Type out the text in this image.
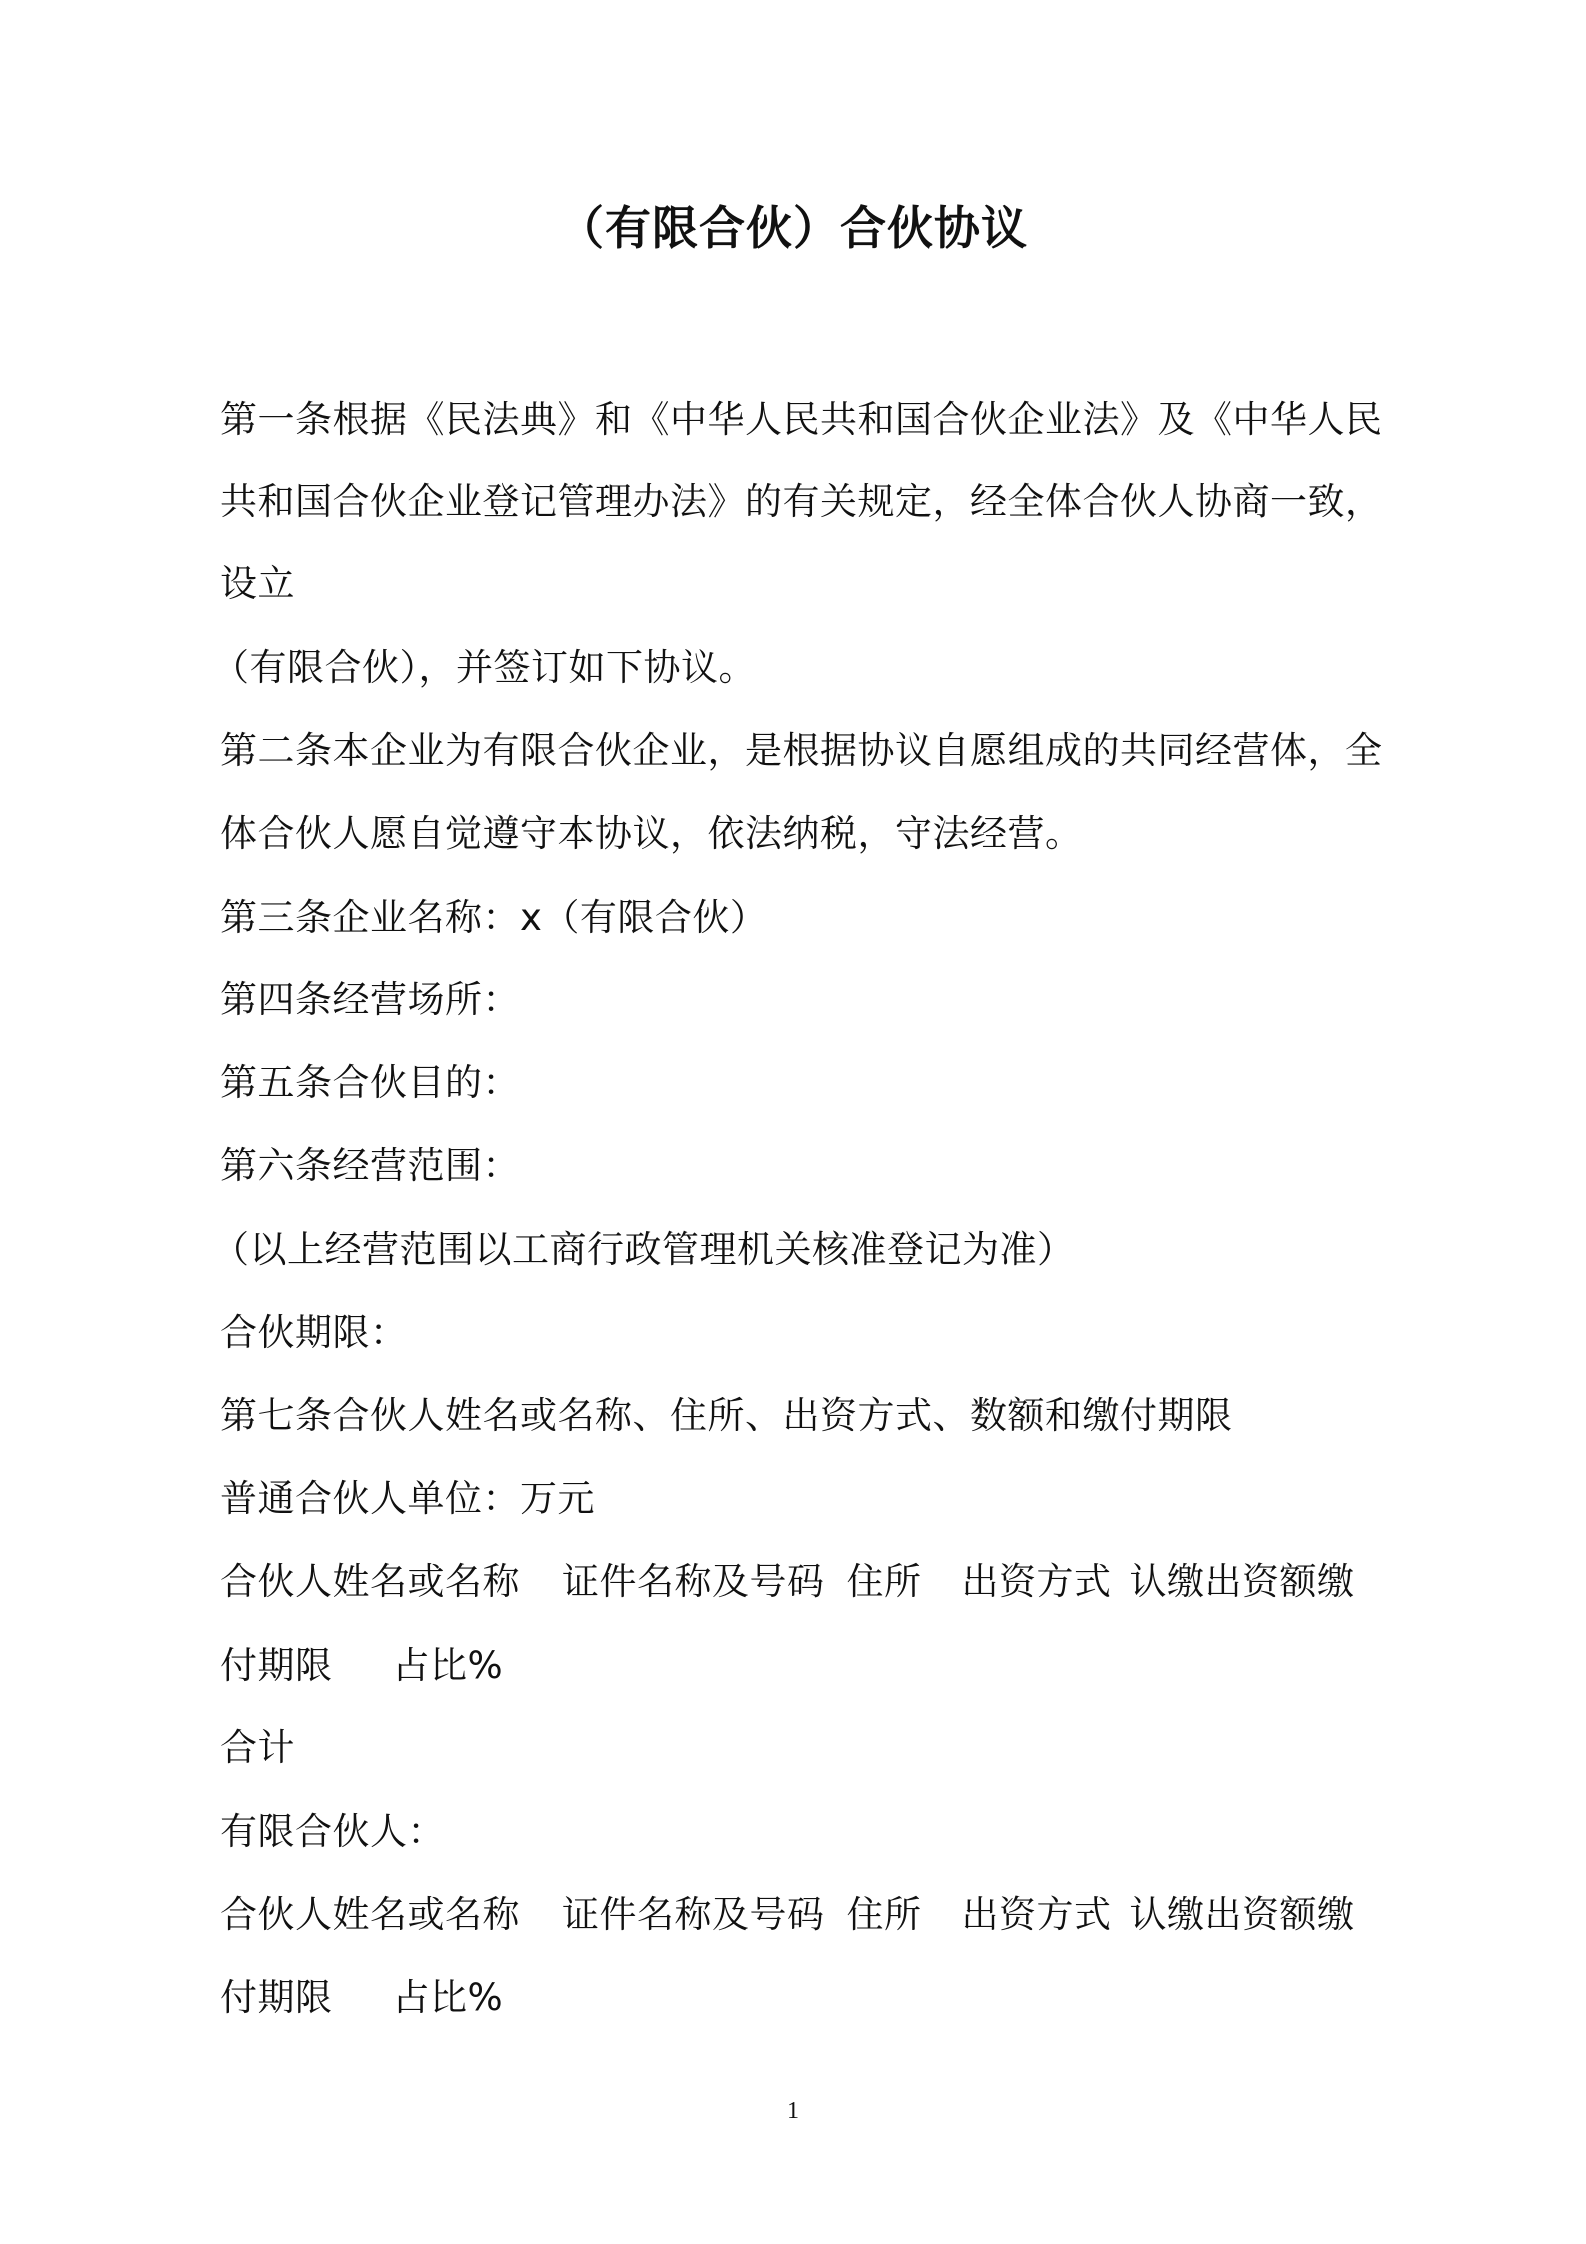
（有限合伙）合伙协议
第一条根据《民法典》和《中华人民共和国合伙企业法》及《中华人民
共和国合伙企业登记管理办法》的有关规定，经全体合伙人协商一致，
设立
（有限合伙），并签订如下协议。
第二条本企业为有限合伙企业，是根据协议自愿组成的共同经营体，全
体合伙人愿自觉遵守本协议，依法纳税，守法经营。
第三条企业名称：x（有限合伙）
第四条经营场所：
第五条合伙目的：
第六条经营范围：
（以上经营范围以工商行政管理机关核准登记为准）
合伙期限：
第七条合伙人姓名或名称、住所、出资方式、数额和缴付期限
普通合伙人单位：万元
合伙人姓名或名称 证件名称及号码 住所 出资方式 认缴出资额缴
付期限 占比%
合计
有限合伙人：
合伙人姓名或名称 证件名称及号码 住所 出资方式 认缴出资额缴
付期限 占比%
1
